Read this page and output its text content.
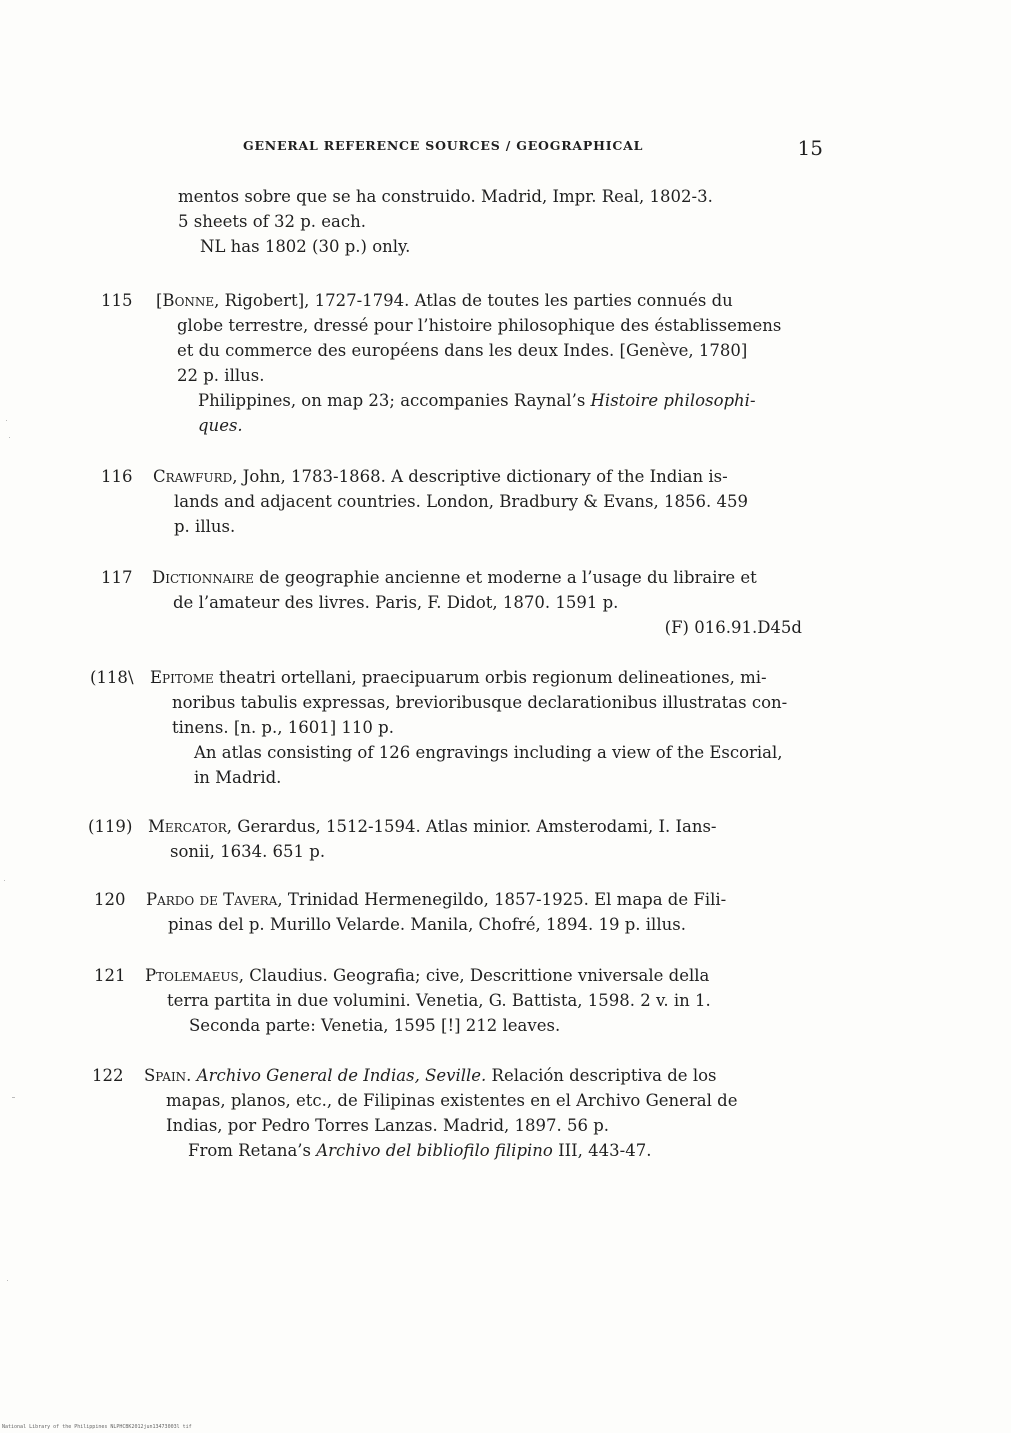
GENERAL REFERENCE SOURCES / GEOGRAPHICAL	15
mentos sobre que se ha construido. Madrid, Impr. Real, 1802-3.
5 sheets of 32 p. each.
NL has 1802 (30 p.) only.
115 [Bonne, Rigobert], 1727-1794. Atlas de toutes les parties connués du
globe terrestre, dressé pour l’histoire philosophique des éstablissemens
et du commerce des européens dans les deux Indes. [Genève, 1780]
22 p. illus.
Philippines, on map 23; accompanies Raynal’s Histoire philosophi-
ques.
116 Crawfurd, John, 1783-1868. A descriptive dictionary of the Indian is-
lands and adjacent countries. London, Bradbury & Evans, 1856. 459
p. illus.
117 Dictionnaire de geographie ancienne et moderne a l’usage du libraire et
de l’amateur des livres. Paris, F. Didot, 1870. 1591 p.
(F) 016.91.D45d
(118\ Epitome theatri ortellani, praecipuarum orbis regionum delineationes, mi-
noribus tabulis expressas, brevioribusque declarationibus illustratas con-
tinens. [n. p., 1601] 110 p.
An atlas consisting of 126 engravings including a view of the Escorial,
in Madrid.
(119) Mercator, Gerardus, 1512-1594. Atlas minior. Amsterodami, I. Ians-
sonii, 1634. 651 p.
120 Pardo de Tavera, Trinidad Hermenegildo, 1857-1925. El mapa de Fili-
pinas del p. Murillo Velarde. Manila, Chofré, 1894. 19 p. illus.
121 Ptolemaeus, Claudius. Geografia; cive, Descrittione vniversale della
terra partita in due volumini. Venetia, G. Battista, 1598. 2 v. in 1.
Seconda parte: Venetia, 1595 [!] 212 leaves.
122 Spain. Archivo General de Indias, Seville. Relación descriptiva de los
mapas, planos, etc., de Filipinas existentes en el Archivo General de
Indias, por Pedro Torres Lanzas. Madrid, 1897. 56 p.
From Retana’s Archivo del bibliofilo filipino III, 443-47.
National Library of the Philippines NLPHCBK2012jun13473003l tif
